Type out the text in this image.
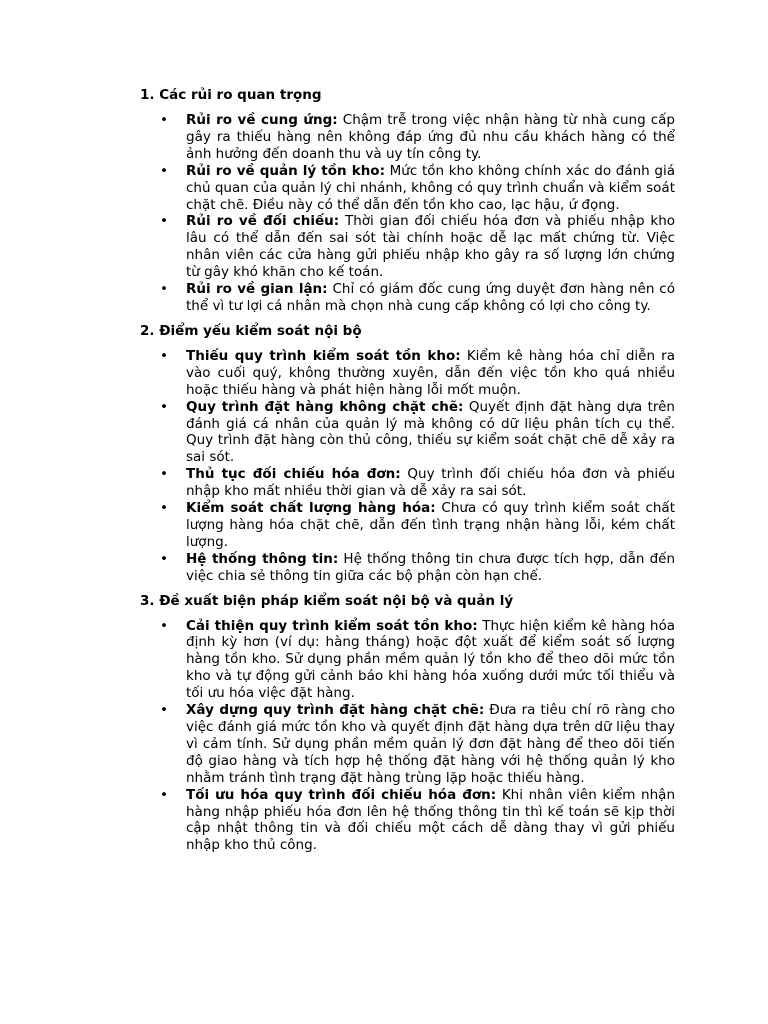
1. Các rủi ro quan trọng
• Rủi ro về cung ứng: Chậm trễ trong việc nhận hàng từ nhà cung cấp gây ra thiếu hàng nên không đáp ứng đủ nhu cầu khách hàng có thể ảnh hưởng đến doanh thu và uy tín công ty.
• Rủi ro về quản lý tồn kho: Mức tồn kho không chính xác do đánh giá chủ quan của quản lý chi nhánh, không có quy trình chuẩn và kiểm soát chặt chẽ. Điều này có thể dẫn đến tồn kho cao, lạc hậu, ứ đọng.
• Rủi ro về đối chiếu: Thời gian đối chiếu hóa đơn và phiếu nhập kho lâu có thể dẫn đến sai sót tài chính hoặc dễ lạc mất chứng từ. Việc nhân viên các cửa hàng gửi phiếu nhập kho gây ra số lượng lớn chứng từ gây khó khăn cho kế toán.
• Rủi ro về gian lận: Chỉ có giám đốc cung ứng duyệt đơn hàng nên có thể vì tư lợi cá nhân mà chọn nhà cung cấp không có lợi cho công ty.
2. Điểm yếu kiểm soát nội bộ
• Thiếu quy trình kiểm soát tồn kho: Kiểm kê hàng hóa chỉ diễn ra vào cuối quý, không thường xuyên, dẫn đến việc tồn kho quá nhiều hoặc thiếu hàng và phát hiện hàng lỗi mốt muộn.
• Quy trình đặt hàng không chặt chẽ: Quyết định đặt hàng dựa trên đánh giá cá nhân của quản lý mà không có dữ liệu phân tích cụ thể. Quy trình đặt hàng còn thủ công, thiếu sự kiểm soát chặt chẽ dễ xảy ra sai sót.
• Thủ tục đối chiếu hóa đơn: Quy trình đối chiếu hóa đơn và phiếu nhập kho mất nhiều thời gian và dễ xảy ra sai sót.
• Kiểm soát chất lượng hàng hóa: Chưa có quy trình kiểm soát chất lượng hàng hóa chặt chẽ, dẫn đến tình trạng nhận hàng lỗi, kém chất lượng.
• Hệ thống thông tin: Hệ thống thông tin chưa được tích hợp, dẫn đến việc chia sẻ thông tin giữa các bộ phận còn hạn chế.
3. Đề xuất biện pháp kiểm soát nội bộ và quản lý
• Cải thiện quy trình kiểm soát tồn kho: Thực hiện kiểm kê hàng hóa định kỳ hơn (ví dụ: hàng tháng) hoặc đột xuất để kiểm soát số lượng hàng tồn kho. Sử dụng phần mềm quản lý tồn kho để theo dõi mức tồn kho và tự động gửi cảnh báo khi hàng hóa xuống dưới mức tối thiểu và tối ưu hóa việc đặt hàng.
• Xây dựng quy trình đặt hàng chặt chẽ: Đưa ra tiêu chí rõ ràng cho việc đánh giá mức tồn kho và quyết định đặt hàng dựa trên dữ liệu thay vì cảm tính. Sử dụng phần mềm quản lý đơn đặt hàng để theo dõi tiến độ giao hàng và tích hợp hệ thống đặt hàng với hệ thống quản lý kho nhằm tránh tình trạng đặt hàng trùng lặp hoặc thiếu hàng.
• Tối ưu hóa quy trình đối chiếu hóa đơn: Khi nhân viên kiểm nhận hàng nhập phiếu hóa đơn lên hệ thống thông tin thì kế toán sẽ kịp thời cập nhật thông tin và đối chiếu một cách dễ dàng thay vì gửi phiếu nhập kho thủ công.
